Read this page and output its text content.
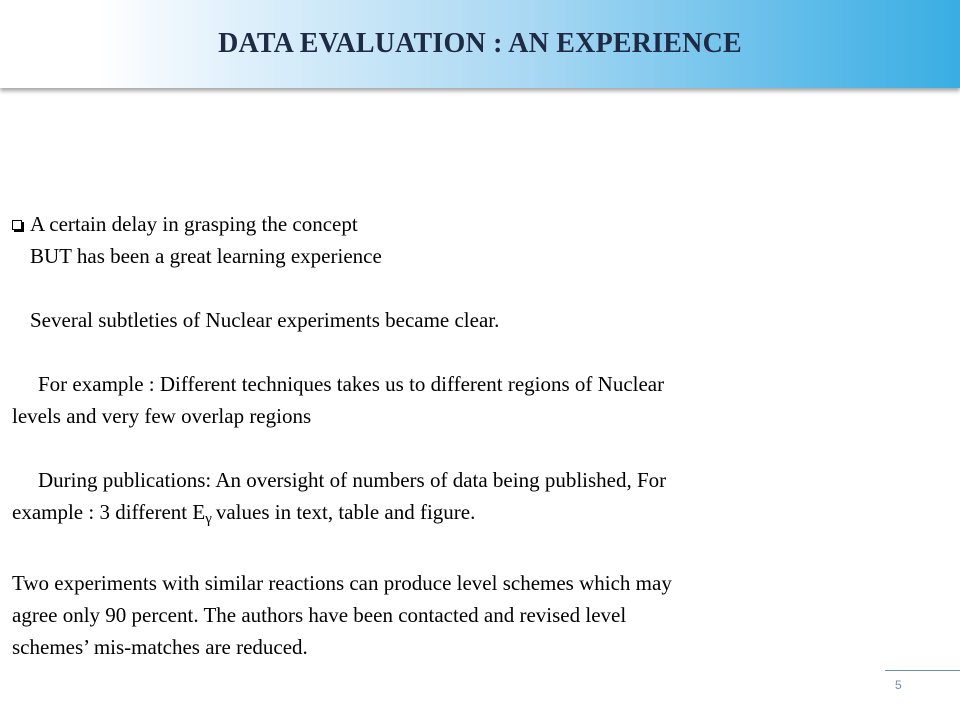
DATA EVALUATION : AN EXPERIENCE
A certain delay in grasping the concept
BUT has been a great learning experience
Several subtleties of Nuclear experiments became clear.
For example : Different techniques takes us to different regions of Nuclear
levels and very few overlap regions
During publications: An oversight of numbers of data being published, For
example : 3 different Eγ values in text, table and figure.
Two experiments with similar reactions can produce level schemes which may
agree only 90 percent. The authors have been contacted and revised level
schemes’ mis-matches are reduced.
5
